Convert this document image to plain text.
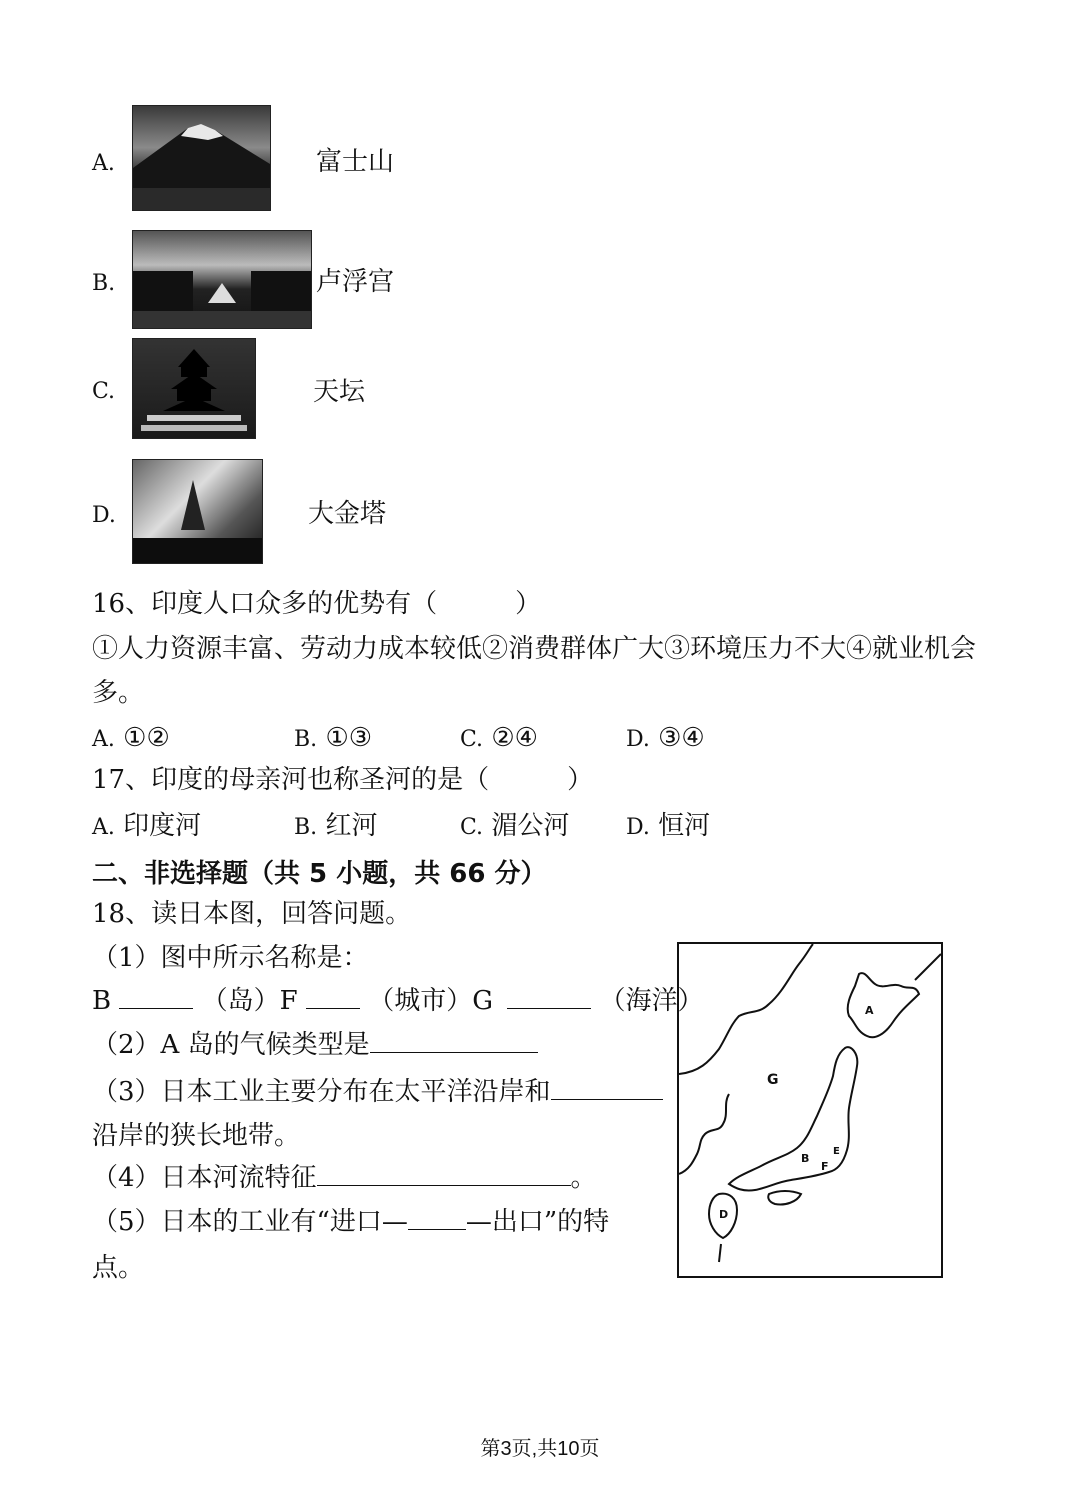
A.	富士山
B.	卢浮宫
C.	天坛
D.	大金塔
16、印度人口众多的优势有（　　　）
①人力资源丰富、劳动力成本较低②消费群体广大③环境压力不大④就业机会
多。
A. ①②	B. ①③	C. ②④	D. ③④
17、印度的母亲河也称圣河的是（　　　）
A. 印度河	B. 红河	C. 湄公河	D. 恒河
二、非选择题（共 5 小题，共 66 分）
18、读日本图，回答问题。
（1）图中所示名称是：
B	（岛）F	（城市）G	（海洋）
（2）A 岛的气候类型是
（3）日本工业主要分布在太平洋沿岸和
沿岸的狭长地带。
（4）日本河流特征	。
（5）日本的工业有“进口— —出口”的特
点。
A
G
B
E
F
D
第3页,共10页
